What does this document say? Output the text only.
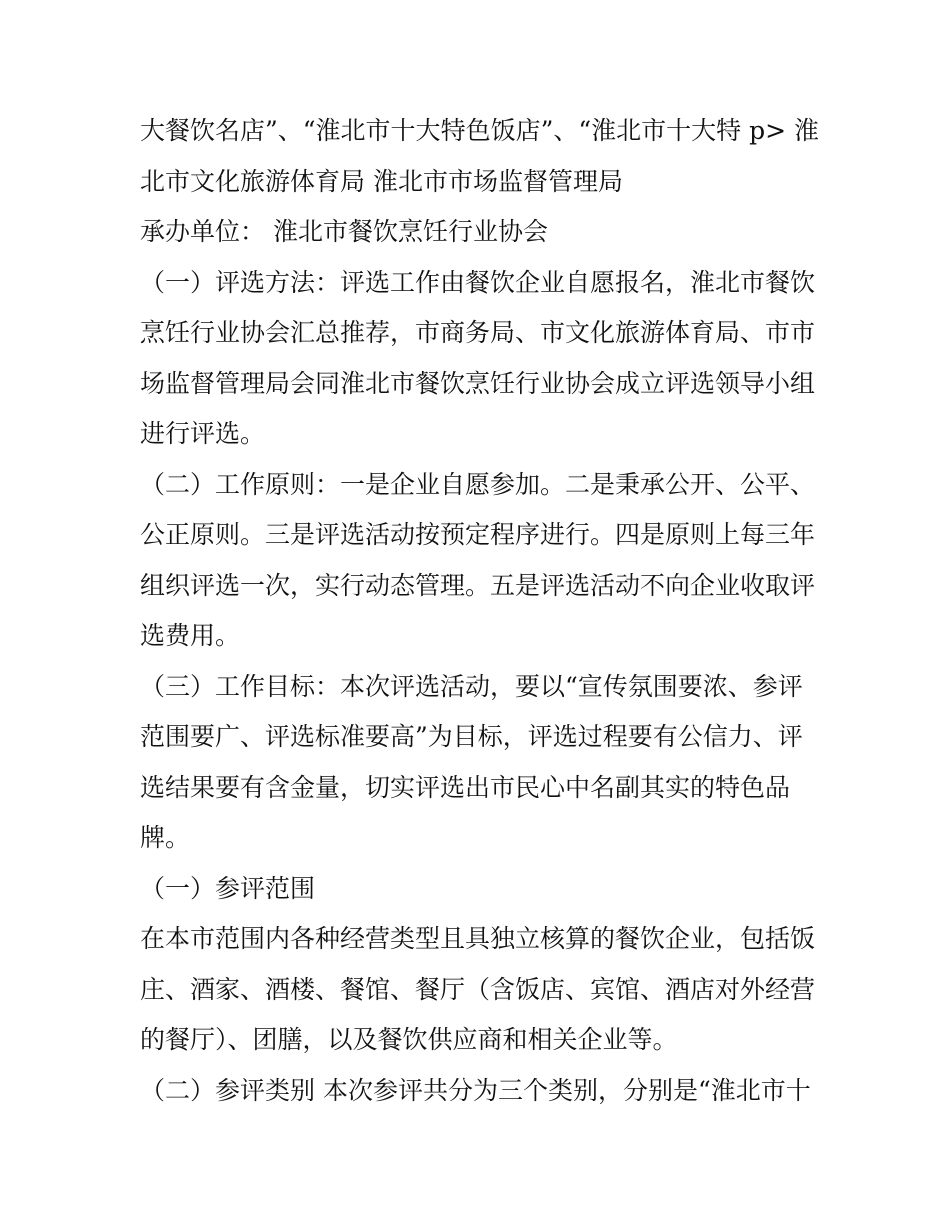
大餐饮名店”、“淮北市十大特色饭店”、“淮北市十大特 p> 淮
北市文化旅游体育局 淮北市市场监督管理局
承办单位： 淮北市餐饮烹饪行业协会
（一）评选方法：评选工作由餐饮企业自愿报名，淮北市餐饮
烹饪行业协会汇总推荐，市商务局、市文化旅游体育局、市市
场监督管理局会同淮北市餐饮烹饪行业协会成立评选领导小组
进行评选。
（二）工作原则：一是企业自愿参加。二是秉承公开、公平、
公正原则。三是评选活动按预定程序进行。四是原则上每三年
组织评选一次，实行动态管理。五是评选活动不向企业收取评
选费用。
（三）工作目标：本次评选活动，要以“宣传氛围要浓、参评
范围要广、评选标准要高”为目标，评选过程要有公信力、评
选结果要有含金量，切实评选出市民心中名副其实的特色品
牌。
（一）参评范围
在本市范围内各种经营类型且具独立核算的餐饮企业，包括饭
庄、酒家、酒楼、餐馆、餐厅（含饭店、宾馆、酒店对外经营
的餐厅）、团膳，以及餐饮供应商和相关企业等。
（二）参评类别 本次参评共分为三个类别，分别是“淮北市十
